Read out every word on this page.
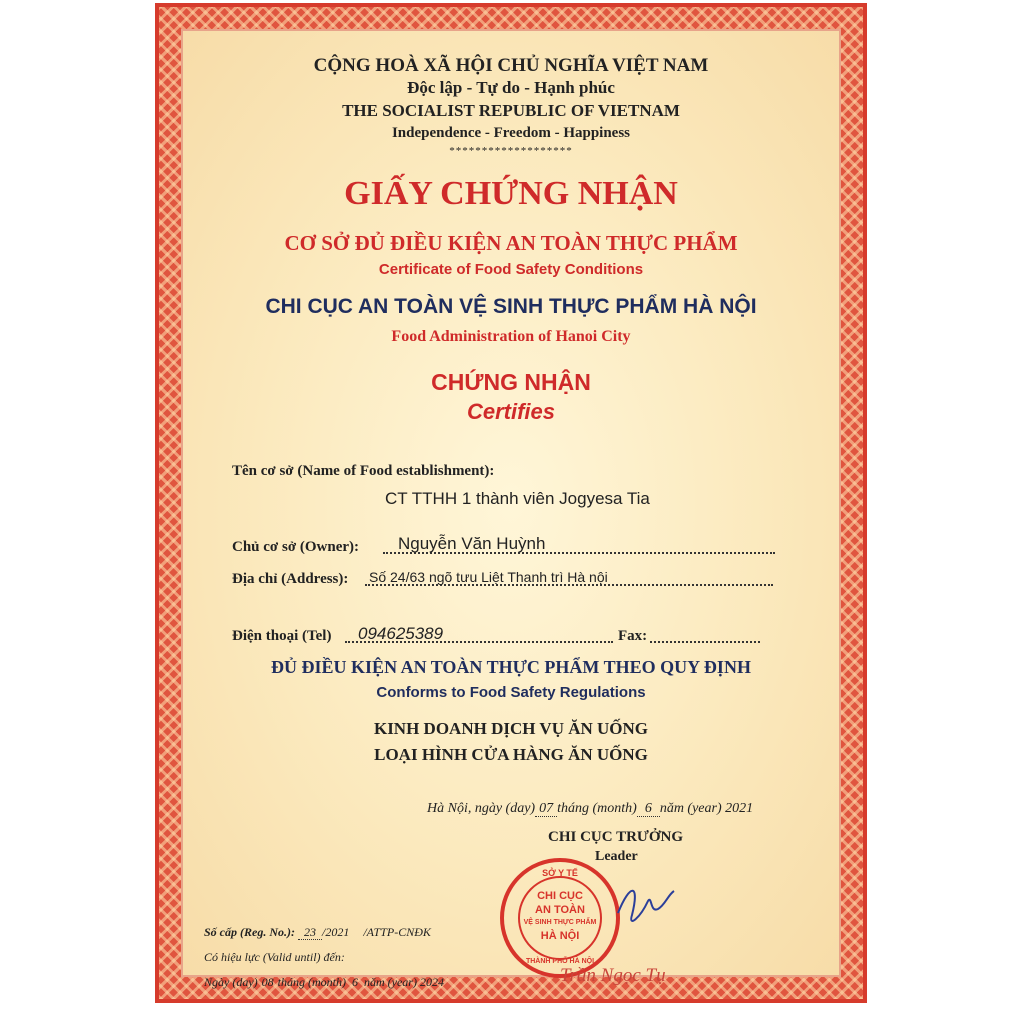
CỘNG HOÀ XÃ HỘI CHỦ NGHĨA VIỆT NAM
Độc lập - Tự do - Hạnh phúc
THE SOCIALIST REPUBLIC OF VIETNAM
Independence - Freedom - Happiness
*******************
GIẤY CHỨNG NHẬN
CƠ SỞ ĐỦ ĐIỀU KIỆN AN TOÀN THỰC PHẨM
Certificate of Food Safety Conditions
CHI CỤC AN TOÀN VỆ SINH THỰC PHẨM HÀ NỘI
Food Administration of Hanoi City
CHỨNG NHẬN
Certifies
Tên cơ sở (Name of Food establishment):
CT TTHH 1 thành viên Jogyesa Tia
Chủ cơ sở (Owner): Nguyễn Văn Huỳnh
Địa chỉ (Address): Số 24/63 ngõ tưu Liệt Thanh trì Hà nội
Điện thoại (Tel) 094625389	Fax:
ĐỦ ĐIỀU KIỆN AN TOÀN THỰC PHẨM THEO QUY ĐỊNH
Conforms to Food Safety Regulations
KINH DOANH DỊCH VỤ ĂN UỐNG
LOẠI HÌNH CỬA HÀNG ĂN UỐNG
Hà Nội, ngày (day) 07 tháng (month) 6 năm (year) 2021
CHI CỤC TRƯỞNG
Leader
SỞ Y TẾ
CHI CỤC
AN TOÀN
VỆ SINH THỰC PHẨM
HÀ NỘI
THÀNH PHỐ HÀ NỘI
Trần Ngọc Tụ
Số cấp (Reg. No.): 23 /2021 /ATTP-CNĐK
Có hiệu lực (Valid until) đến:
Ngày (day) 08 tháng (month) 6 năm (year) 2024
